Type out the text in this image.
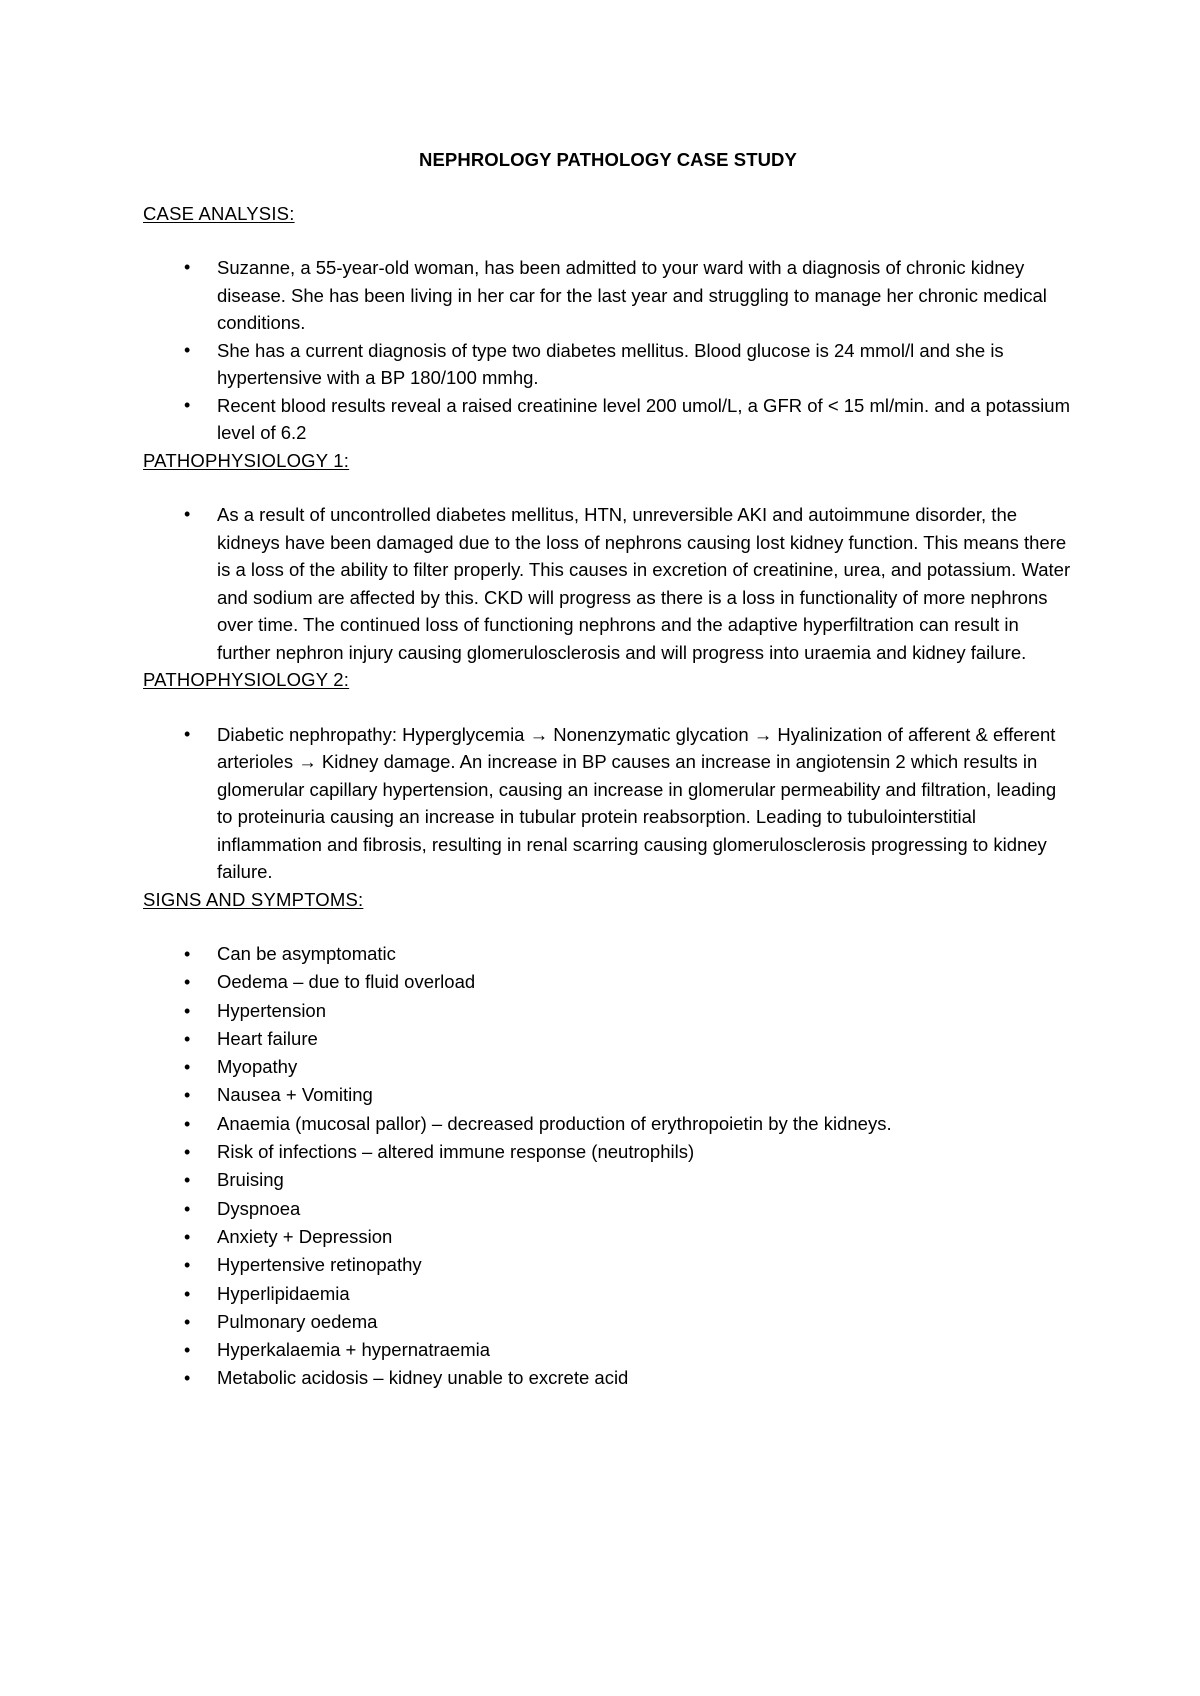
NEPHROLOGY PATHOLOGY CASE STUDY
CASE ANALYSIS:
• Suzanne, a 55-year-old woman, has been admitted to your ward with a diagnosis of chronic kidney disease. She has been living in her car for the last year and struggling to manage her chronic medical conditions.
• She has a current diagnosis of type two diabetes mellitus. Blood glucose is 24 mmol/l and she is hypertensive with a BP 180/100 mmhg.
• Recent blood results reveal a raised creatinine level 200 umol/L, a GFR of < 15 ml/min. and a potassium level of 6.2
PATHOPHYSIOLOGY 1:
• As a result of uncontrolled diabetes mellitus, HTN, unreversible AKI and autoimmune disorder, the kidneys have been damaged due to the loss of nephrons causing lost kidney function. This means there is a loss of the ability to filter properly. This causes in excretion of creatinine, urea, and potassium. Water and sodium are affected by this. CKD will progress as there is a loss in functionality of more nephrons over time. The continued loss of functioning nephrons and the adaptive hyperfiltration can result in further nephron injury causing glomerulosclerosis and will progress into uraemia and kidney failure.
PATHOPHYSIOLOGY 2:
• Diabetic nephropathy: Hyperglycemia → Nonenzymatic glycation → Hyalinization of afferent & efferent arterioles → Kidney damage. An increase in BP causes an increase in angiotensin 2 which results in glomerular capillary hypertension, causing an increase in glomerular permeability and filtration, leading to proteinuria causing an increase in tubular protein reabsorption. Leading to tubulointerstitial inflammation and fibrosis, resulting in renal scarring causing glomerulosclerosis progressing to kidney failure.
SIGNS AND SYMPTOMS:
• Can be asymptomatic
• Oedema – due to fluid overload
• Hypertension
• Heart failure
• Myopathy
• Nausea + Vomiting
• Anaemia (mucosal pallor) – decreased production of erythropoietin by the kidneys.
• Risk of infections – altered immune response (neutrophils)
• Bruising
• Dyspnoea
• Anxiety + Depression
• Hypertensive retinopathy
• Hyperlipidaemia
• Pulmonary oedema
• Hyperkalaemia + hypernatraemia
• Metabolic acidosis – kidney unable to excrete acid
